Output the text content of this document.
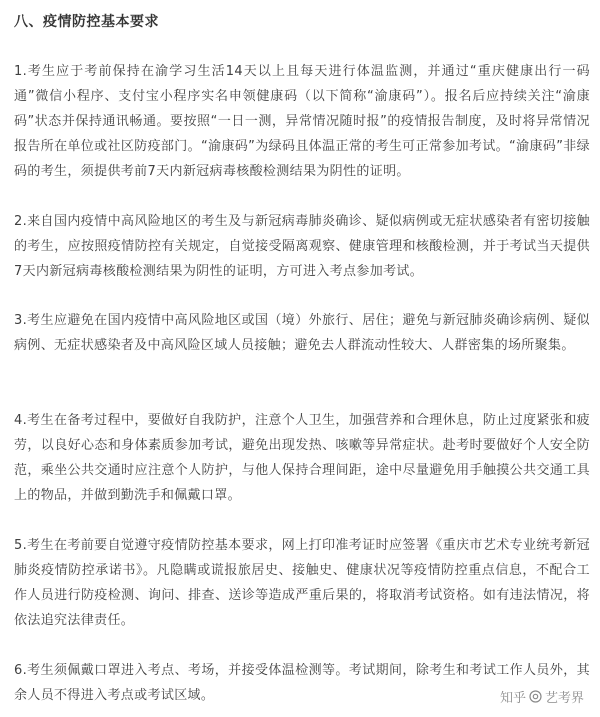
八、疫情防控基本要求
1.考生应于考前保持在渝学习生活14天以上且每天进行体温监测，并通过“重庆健康出行一码通”微信小程序、支付宝小程序实名申领健康码（以下简称“渝康码”）。报名后应持续关注“渝康码”状态并保持通讯畅通。要按照“一日一测，异常情况随时报”的疫情报告制度，及时将异常情况报告所在单位或社区防疫部门。“渝康码”为绿码且体温正常的考生可正常参加考试。“渝康码”非绿码的考生，须提供考前7天内新冠病毒核酸检测结果为阴性的证明。
2.来自国内疫情中高风险地区的考生及与新冠病毒肺炎确诊、疑似病例或无症状感染者有密切接触的考生，应按照疫情防控有关规定，自觉接受隔离观察、健康管理和核酸检测，并于考试当天提供7天内新冠病毒核酸检测结果为阴性的证明，方可进入考点参加考试。
3.考生应避免在国内疫情中高风险地区或国（境）外旅行、居住；避免与新冠肺炎确诊病例、疑似病例、无症状感染者及中高风险区域人员接触；避免去人群流动性较大、人群密集的场所聚集。
4.考生在备考过程中，要做好自我防护，注意个人卫生，加强营养和合理休息，防止过度紧张和疲劳，以良好心态和身体素质参加考试，避免出现发热、咳嗽等异常症状。赴考时要做好个人安全防范，乘坐公共交通时应注意个人防护，与他人保持合理间距，途中尽量避免用手触摸公共交通工具上的物品，并做到勤洗手和佩戴口罩。
5.考生在考前要自觉遵守疫情防控基本要求，网上打印准考证时应签署《重庆市艺术专业统考新冠肺炎疫情防控承诺书》。凡隐瞒或谎报旅居史、接触史、健康状况等疫情防控重点信息，不配合工作人员进行防疫检测、询问、排查、送诊等造成严重后果的，将取消考试资格。如有违法情况，将依法追究法律责任。
6.考生须佩戴口罩进入考点、考场，并接受体温检测等。考试期间，除考生和考试工作人员外，其余人员不得进入考点或考试区域。	知乎 艺考界
